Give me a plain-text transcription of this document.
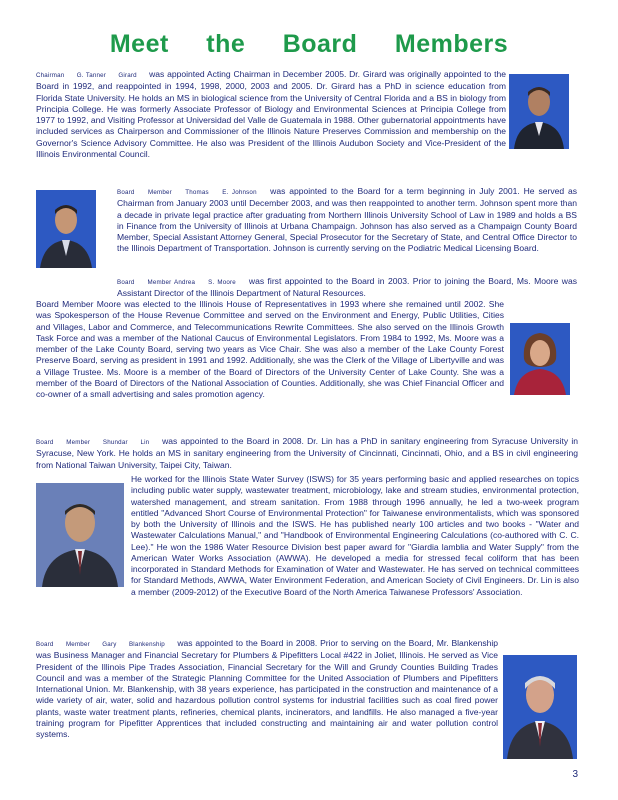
Meet the Board Members
Chairman G. Tanner Girard was appointed Acting Chairman in December 2005. Dr. Girard was originally appointed to the Board in 1992, and reappointed in 1994, 1998, 2000, 2003 and 2005. Dr. Girard has a PhD in science education from Florida State University. He holds an MS in biological science from the University of Central Florida and a BS in biology from Principia College. He was formerly Associate Professor of Biology and Environmental Sciences at Principia College from 1977 to 1992, and Visiting Professor at Universidad del Valle de Guatemala in 1988. Other gubernatorial appointments have included services as Chairperson and Commissioner of the Illinois Nature Preserves Commission and membership on the Governor's Science Advisory Committee. He also was President of the Illinois Audubon Society and Vice-President of the Illinois Environmental Council.
Board Member Thomas E. Johnson was appointed to the Board for a term beginning in July 2001. He served as Chairman from January 2003 until December 2003, and was then reappointed to another term. Johnson spent more than a decade in private legal practice after graduating from Northern Illinois University School of Law in 1989 and holds a BS in Finance from the University of Illinois at Urbana Champaign. Johnson has also served as a Champaign County Board Member, Special Assistant Attorney General, Special Prosecutor for the Secretary of State, and Central Office Director to the Illinois Department of Transportation. Johnson is currently serving on the Podiatric Medical Licensing Board.
Board Member Andrea S. Moore was first appointed to the Board in 2003. Prior to joining the Board, Ms. Moore was Assistant Director of the Illinois Department of Natural Resources.
Board Member Moore was elected to the Illinois House of Representatives in 1993 where she remained until 2002. She was Spokesperson of the House Revenue Committee and served on the Environment and Energy, Public Utilities, Cities and Villages, Labor and Commerce, and Telecommunications Rewrite Committees. She also served on the Illinois Growth Task Force and was a member of the National Caucus of Environmental Legislators. From 1984 to 1992, Ms. Moore was a member of the Lake County Board, serving two years as Vice Chair. She was also a member of the Lake County Forest Preserve Board, serving as president in 1991 and 1992. Additionally, she was the Clerk of the Village of Libertyville and was a Village Trustee. Ms. Moore is a member of the Board of Directors of the University Center of Lake County. She was a member of the Board of Directors of the National Association of Counties. Additionally, she was Chief Financial Officer and co-owner of a small advertising and sales promotion agency.
Board Member Shundar Lin was appointed to the Board in 2008. Dr. Lin has a PhD in sanitary engineering from Syracuse University in Syracuse, New York. He holds an MS in sanitary engineering from the University of Cincinnati, Cincinnati, Ohio, and a BS in civil engineering from National Taiwan University, Taipei City, Taiwan.
He worked for the Illinois State Water Survey (ISWS) for 35 years performing basic and applied researches on topics including public water supply, wastewater treatment, microbiology, lake and stream studies, environmental protection, watershed management, and stream sanitation. From 1988 through 1996 annually, he led a two-week program entitled "Advanced Short Course of Environmental Protection" for Taiwanese environmentalists, which was sponsored by both the University of Illinois and the ISWS. He has published nearly 100 articles and two books - "Water and Wastewater Calculations Manual," and "Handbook of Environmental Engineering Calculations (co-authored with C. C. Lee)." He won the 1986 Water Resource Division best paper award for "Giardia lamblia and Water Supply" from the American Water Works Association (AWWA). He developed a media for stressed fecal coliform that has been incorporated in Standard Methods for Examination of Water and Wastewater. He has served on technical committees for Standard Methods, AWWA, Water Environment Federation, and American Society of Civil Engineers. Dr. Lin is also a member (2009-2012) of the Executive Board of the North America Taiwanese Professors' Association.
Board Member Gary Blankenship was appointed to the Board in 2008. Prior to serving on the Board, Mr. Blankenship was Business Manager and Financial Secretary for Plumbers & Pipefitters Local #422 in Joliet, Illinois. He served as Vice President of the Illinois Pipe Trades Association, Financial Secretary for the Will and Grundy Counties Building Trades Council and was a member of the Strategic Planning Committee for the United Association of Plumbers and Pipefitters International Union. Mr. Blankenship, with 38 years experience, has participated in the construction and maintenance of a wide variety of air, water, solid and hazardous pollution control systems for industrial facilities such as coal fired power plants, waste water treatment plants, refineries, chemical plants, incinerators, and landfills. He also managed a five-year training program for Pipefitter Apprentices that included constructing and maintaining air and water pollution control systems.
3
